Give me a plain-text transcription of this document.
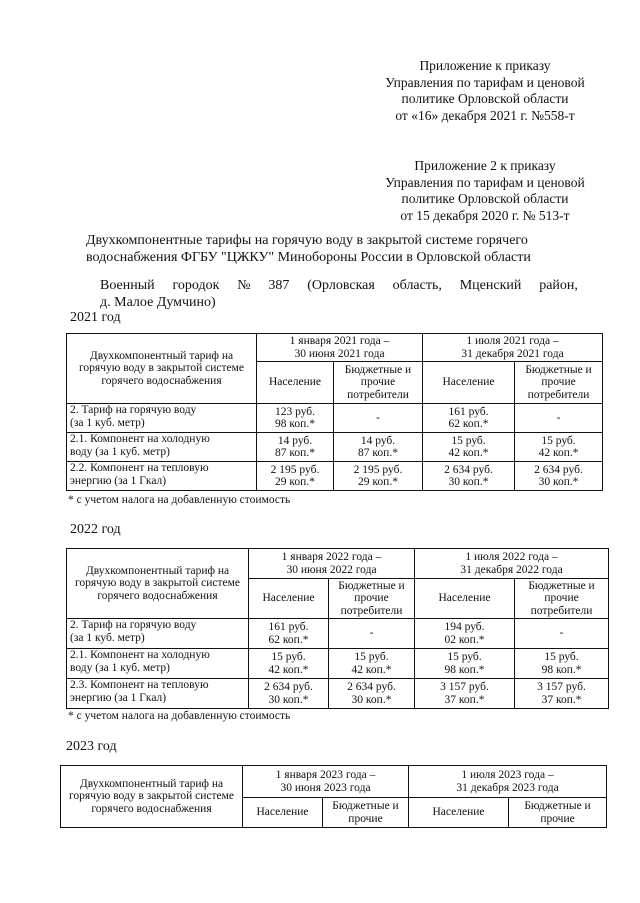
Приложение к приказу
Управления по тарифам и ценовой
политике Орловской области
от «16» декабря 2021 г. №558-т
Приложение 2 к приказу
Управления по тарифам и ценовой
политике Орловской области
от 15 декабря 2020 г. № 513-т
Двухкомпонентные тарифы на горячую воду в закрытой системе горячего
водоснабжения ФГБУ "ЦЖКУ" Минобороны России в Орловской области
Военный городок № 387 (Орловская область, Мценский район,
д. Малое Думчино)
2021 год
Двухкомпонентный тариф на горячую воду в закрытой системе горячего водоснабжения	1 января 2021 года –
30 июня 2021 года		1 июля 2021 года –
31 декабря 2021 года	
	Население	Бюджетные и прочие потребители	Население	Бюджетные и прочие потребители
2. Тариф на горячую воду
(за 1 куб. метр)	123 руб.
98 коп.*	-	161 руб.
62 коп.*	-
2.1. Компонент на холодную
воду (за 1 куб. метр)	14 руб.
87 коп.*	14 руб.
87 коп.*	15 руб.
42 коп.*	15 руб.
42 коп.*
2.2. Компонент на тепловую
энергию (за 1 Гкал)	2 195 руб.
29 коп.*	2 195 руб.
29 коп.*	2 634 руб.
30 коп.*	2 634 руб.
30 коп.*
* с учетом налога на добавленную стоимость
2022 год
Двухкомпонентный тариф на горячую воду в закрытой системе горячего водоснабжения	1 января 2022 года –
30 июня 2022 года		1 июля 2022 года –
31 декабря 2022 года	
	Население	Бюджетные и прочие потребители	Население	Бюджетные и прочие потребители
2. Тариф на горячую воду
(за 1 куб. метр)	161 руб.
62 коп.*	-	194 руб.
02 коп.*	-
2.1. Компонент на холодную
воду (за 1 куб. метр)	15 руб.
42 коп.*	15 руб.
42 коп.*	15 руб.
98 коп.*	15 руб.
98 коп.*
2.3. Компонент на тепловую
энергию (за 1 Гкал)	2 634 руб.
30 коп.*	2 634 руб.
30 коп.*	3 157 руб.
37 коп.*	3 157 руб.
37 коп.*
* с учетом налога на добавленную стоимость
2023 год
Двухкомпонентный тариф на горячую воду в закрытой системе горячего водоснабжения	1 января 2023 года –
30 июня 2023 года		1 июля 2023 года –
31 декабря 2023 года	
	Население	Бюджетные и
прочие	Население	Бюджетные и
прочие
